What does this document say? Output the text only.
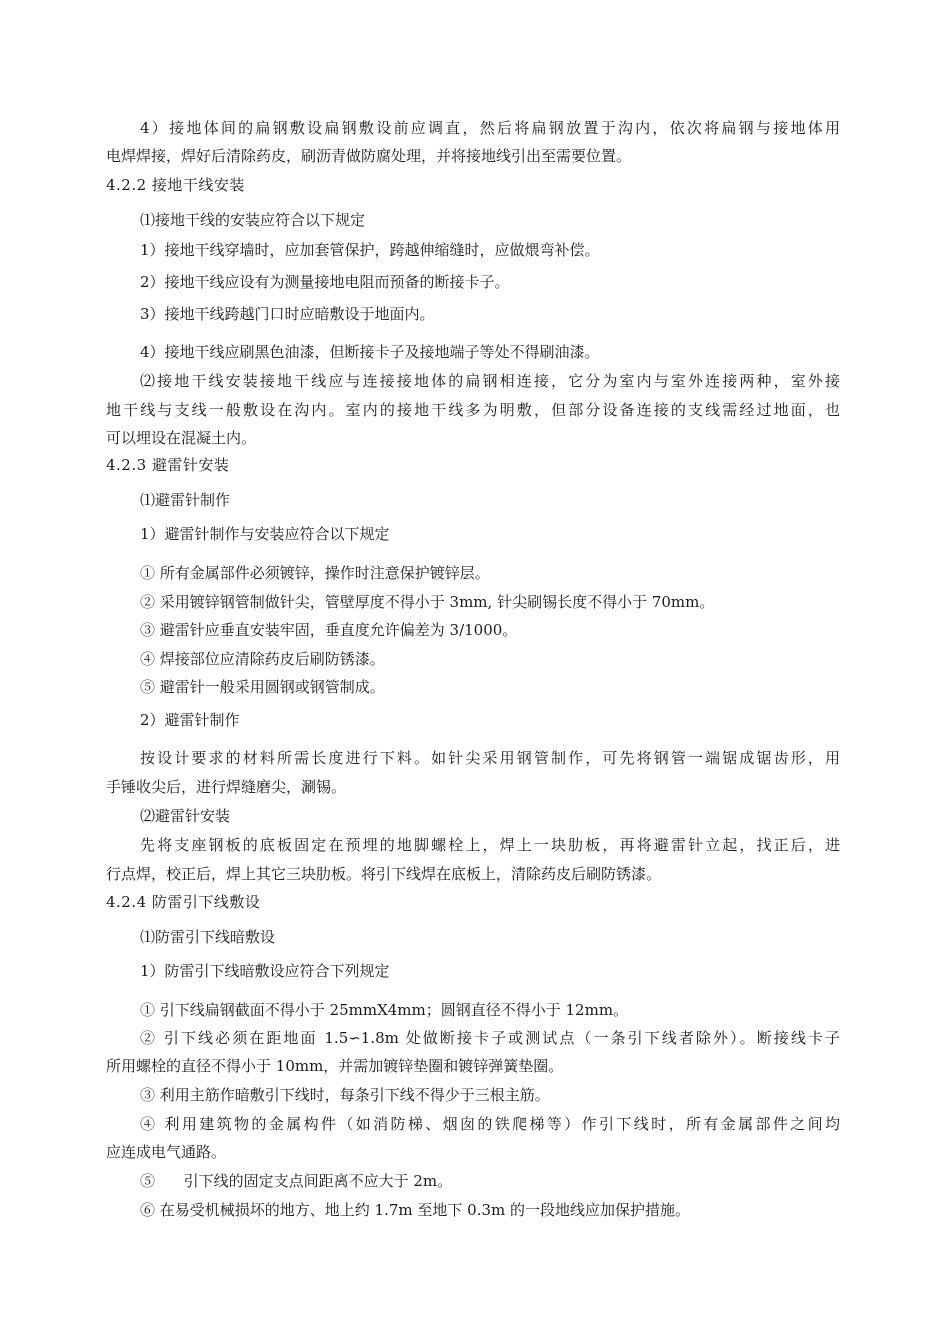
4）接地体间的扁钢敷设扁钢敷设前应调直，然后将扁钢放置于沟内，依次将扁钢与接地体用
电焊焊接，焊好后清除药皮，刷沥青做防腐处理，并将接地线引出至需要位置。
4.2.2 接地干线安装
⑴接地干线的安装应符合以下规定
1）接地干线穿墙时，应加套管保护，跨越伸缩缝时，应做煨弯补偿。
2）接地干线应设有为测量接地电阻而预备的断接卡子。
3）接地干线跨越门口时应暗敷设于地面内。
4）接地干线应刷黑色油漆，但断接卡子及接地端子等处不得刷油漆。
⑵接地干线安装接地干线应与连接接地体的扁钢相连接，它分为室内与室外连接两种，室外接
地干线与支线一般敷设在沟内。室内的接地干线多为明敷，但部分设备连接的支线需经过地面，也
可以埋设在混凝土内。
4.2.3 避雷针安装
⑴避雷针制作
1）避雷针制作与安装应符合以下规定
① 所有金属部件必须镀锌，操作时注意保护镀锌层。
② 采用镀锌钢管制做针尖，管壁厚度不得小于 3mm, 针尖刷锡长度不得小于 70mm。
③ 避雷针应垂直安装牢固，垂直度允许偏差为 3/1000。
④ 焊接部位应清除药皮后刷防锈漆。
⑤ 避雷针一般采用圆钢或钢管制成。
2）避雷针制作
按设计要求的材料所需长度进行下料。如针尖采用钢管制作，可先将钢管一端锯成锯齿形，用
手锤收尖后，进行焊缝磨尖，涮锡。
⑵避雷针安装
先将支座钢板的底板固定在预埋的地脚螺栓上，焊上一块肋板，再将避雷针立起，找正后，进
行点焊，校正后，焊上其它三块肋板。将引下线焊在底板上，清除药皮后刷防锈漆。
4.2.4 防雷引下线敷设
⑴防雷引下线暗敷设
1）防雷引下线暗敷设应符合下列规定
① 引下线扁钢截面不得小于 25mmX4mm；圆钢直径不得小于 12mm。
② 引下线必须在距地面 1.5∽1.8m 处做断接卡子或测试点（一条引下线者除外）。断接线卡子
所用螺栓的直径不得小于 10mm，并需加镀锌垫圈和镀锌弹簧垫圈。
③ 利用主筋作暗敷引下线时，每条引下线不得少于三根主筋。
④ 利用建筑物的金属构件（如消防梯、烟囱的铁爬梯等）作引下线时，所有金属部件之间均
应连成电气通路。
⑤      引下线的固定支点间距离不应大于 2m。
⑥ 在易受机械损坏的地方、地上约 1.7m 至地下 0.3m 的一段地线应加保护措施。
